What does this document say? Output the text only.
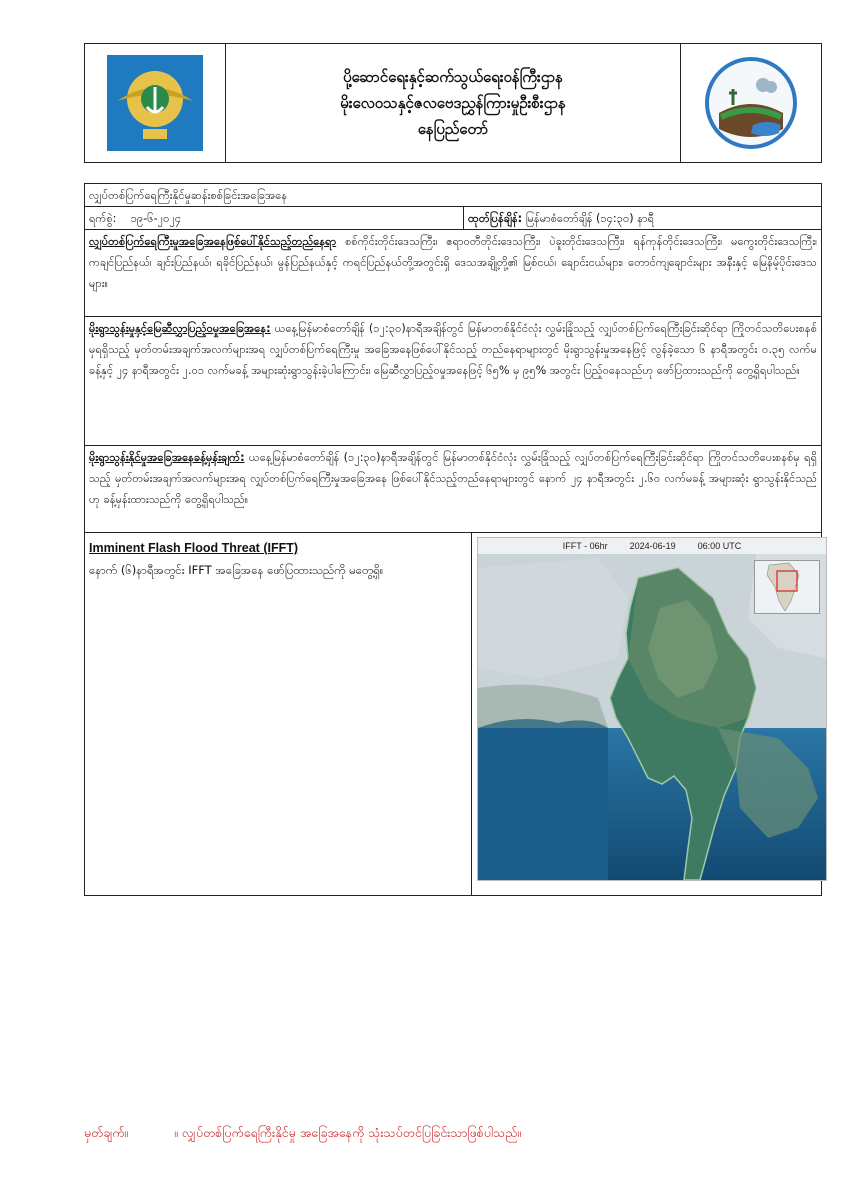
ပို့ဆောင်ရေးနှင့်ဆက်သွယ်ရေးဝန်ကြီးဌာန
မိုးလေဝသနှင့်ဇလဗေဒညွှန်ကြားမှုဦးစီးဌာန
နေပြည်တော်
လျှပ်တစ်ပြက်ရေကြီးနိုင်မှုဆန်းစစ်ခြင်းအခြေအနေ
ရက်စွဲ: ၁၉-၆-၂၀၂၄	ထုတ်ပြန်ချိန်: မြန်မာစံတော်ချိန် (၁၄:၃၀) နာရီ
လျှပ်တစ်ပြက်ရေကြီးမှုအခြေအနေဖြစ်ပေါ်နိုင်သည့်တည်နေရာ စစ်ကိုင်းတိုင်းဒေသကြီး၊ ဧရာဝတီတိုင်းဒေသကြီး၊ ပဲခူးတိုင်းဒေသကြီး၊ ရန်ကုန်တိုင်းဒေသကြီး၊ မကွေးတိုင်းဒေသကြီး၊ ကချင်ပြည်နယ်၊ ချင်းပြည်နယ်၊ ရခိုင်ပြည်နယ်၊ မွန်ပြည်နယ်နှင့် ကရင်ပြည်နယ်တို့အတွင်းရှိ ဒေသအချို့တို့၏ မြစ်ငယ်၊ ချောင်းငယ်များ၊ တောင်ကျချောင်းများ အနီးနှင့် မြေနိမ့်ပိုင်းဒေသများ။
မိုးရွာသွန်းမှုနှင့်မြေဆီလွှာပြည့်ဝမှုအခြေအနေ: ယနေ့မြန်မာစံတော်ချိန် (၁၂:၃၀)နာရီအချိန်တွင် မြန်မာတစ်နိုင်ငံလုံး လွှမ်းခြုံသည့် လျှပ်တစ်ပြက်ရေကြီးခြင်းဆိုင်ရာ ကြိုတင်သတိပေးစနစ်မှရရှိသည့် မှတ်တမ်းအချက်အလက်များအရ လျှပ်တစ်ပြက်ရေကြီးမှု အခြေအနေဖြစ်ပေါ်နိုင်သည့် တည်နေရာများတွင် မိုးရွာသွန်းမှုအနေဖြင့် လွန်ခဲ့သော ၆ နာရီအတွင်း ၀.၃၅ လက်မခန့်နှင့် ၂၄ နာရီအတွင်း ၂.၀၁ လက်မခန့် အများဆုံးရွာသွန်းခဲ့ပါကြောင်း၊ မြေဆီလွှာပြည့်ဝမှုအနေဖြင့် ၆၅% မှ ၉၅% အတွင်း ပြည့်ဝနေသည်ဟု ဖော်ပြထားသည်ကို တွေ့ရှိရပါသည်။
မိုးရွာသွန်းနိုင်မှုအခြေအနေခန့်မှန်းချက်: ယနေ့မြန်မာစံတော်ချိန် (၁၂:၃၀)နာရီအချိန်တွင် မြန်မာတစ်နိုင်ငံလုံး လွှမ်းခြုံသည့် လျှပ်တစ်ပြက်ရေကြီးခြင်းဆိုင်ရာ ကြိုတင်သတိပေးစနစ်မှ ရရှိသည့် မှတ်တမ်းအချက်အလက်များအရ လျှပ်တစ်ပြက်ရေကြီးမှုအခြေအနေ ဖြစ်ပေါ်နိုင်သည့်တည်နေရာများတွင် နောက် ၂၄ နာရီအတွင်း ၂.၆၀ လက်မခန့် အများဆုံး ရွာသွန်းနိုင်သည်ဟု ခန့်မှန်းထားသည်ကို တွေ့ရှိရပါသည်။
Imminent Flash Flood Threat (IFFT)
နောက် (၆)နာရီအတွင်း IFFT အခြေအနေ ဖော်ပြထားသည်ကို မတွေ့ရှိ။
IFFT - 06hr 2024-06-19 06:00 UTC
မှတ်ချက်။	။ လျှပ်တစ်ပြက်ရေကြီးနိုင်မှု အခြေအနေကို သုံးသပ်တင်ပြခြင်းသာဖြစ်ပါသည်။
